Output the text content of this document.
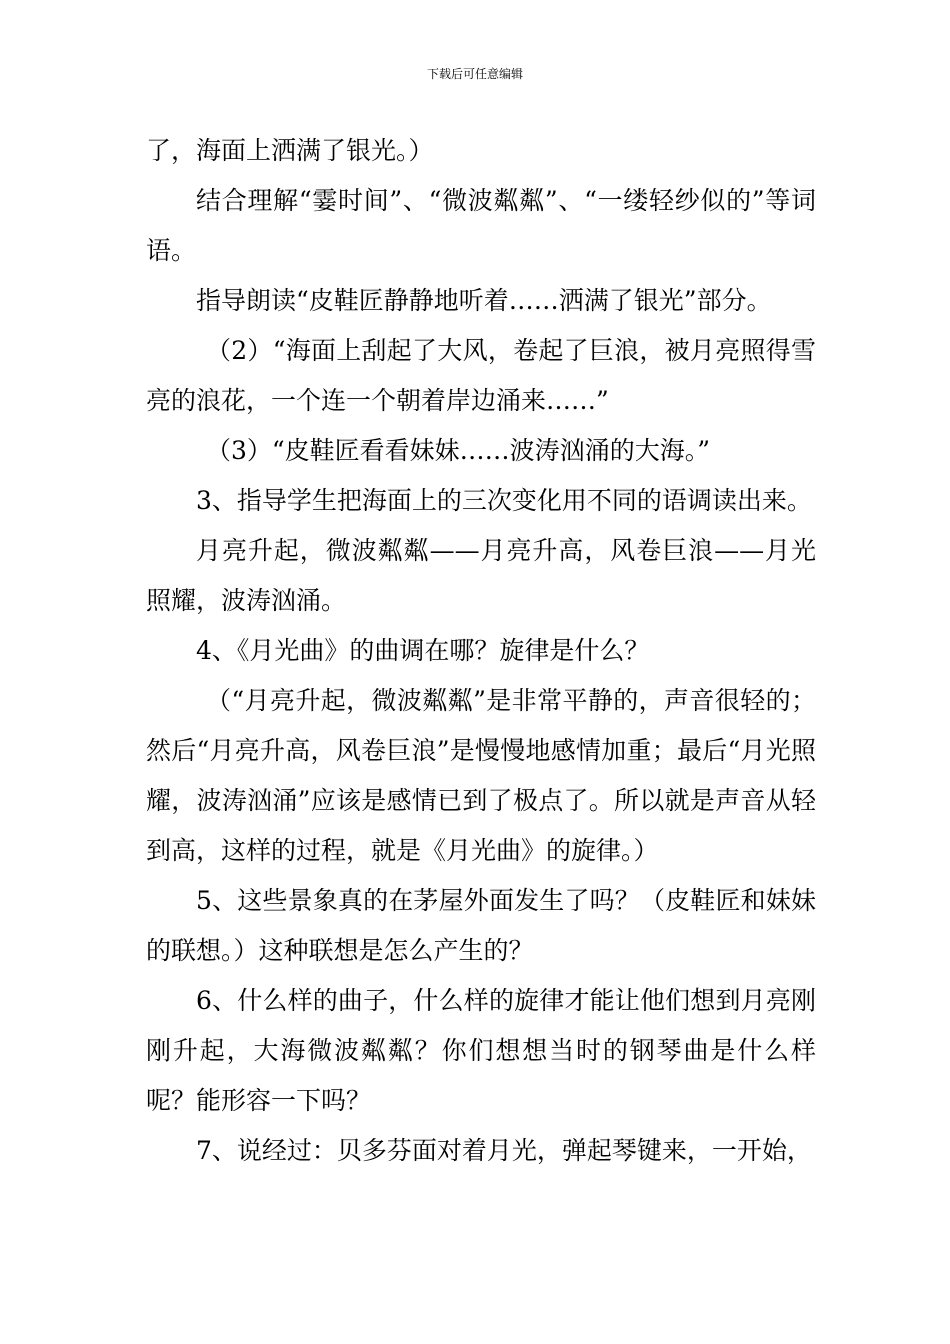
下载后可任意编辑

了，海面上洒满了银光。）

结合理解“霎时间”、“微波粼粼”、“一缕轻纱似的”等词语。

指导朗读“皮鞋匠静静地听着……洒满了银光”部分。

（2）“海面上刮起了大风，卷起了巨浪，被月亮照得雪亮的浪花，一个连一个朝着岸边涌来……”

（3）“皮鞋匠看看妹妹……波涛汹涌的大海。”

3、指导学生把海面上的三次变化用不同的语调读出来。

月亮升起，微波粼粼——月亮升高，风卷巨浪——月光照耀，波涛汹涌。

4、《月光曲》的曲调在哪？旋律是什么？

（“月亮升起，微波粼粼”是非常平静的，声音很轻的；然后“月亮升高，风卷巨浪”是慢慢地感情加重；最后“月光照耀，波涛汹涌”应该是感情已到了极点了。所以就是声音从轻到高，这样的过程，就是《月光曲》的旋律。）

5、这些景象真的在茅屋外面发生了吗？（皮鞋匠和妹妹的联想。）这种联想是怎么产生的？

6、什么样的曲子，什么样的旋律才能让他们想到月亮刚刚升起，大海微波粼粼？你们想想当时的钢琴曲是什么样呢？能形容一下吗？

7、说经过：贝多芬面对着月光，弹起琴键来，一开始，
